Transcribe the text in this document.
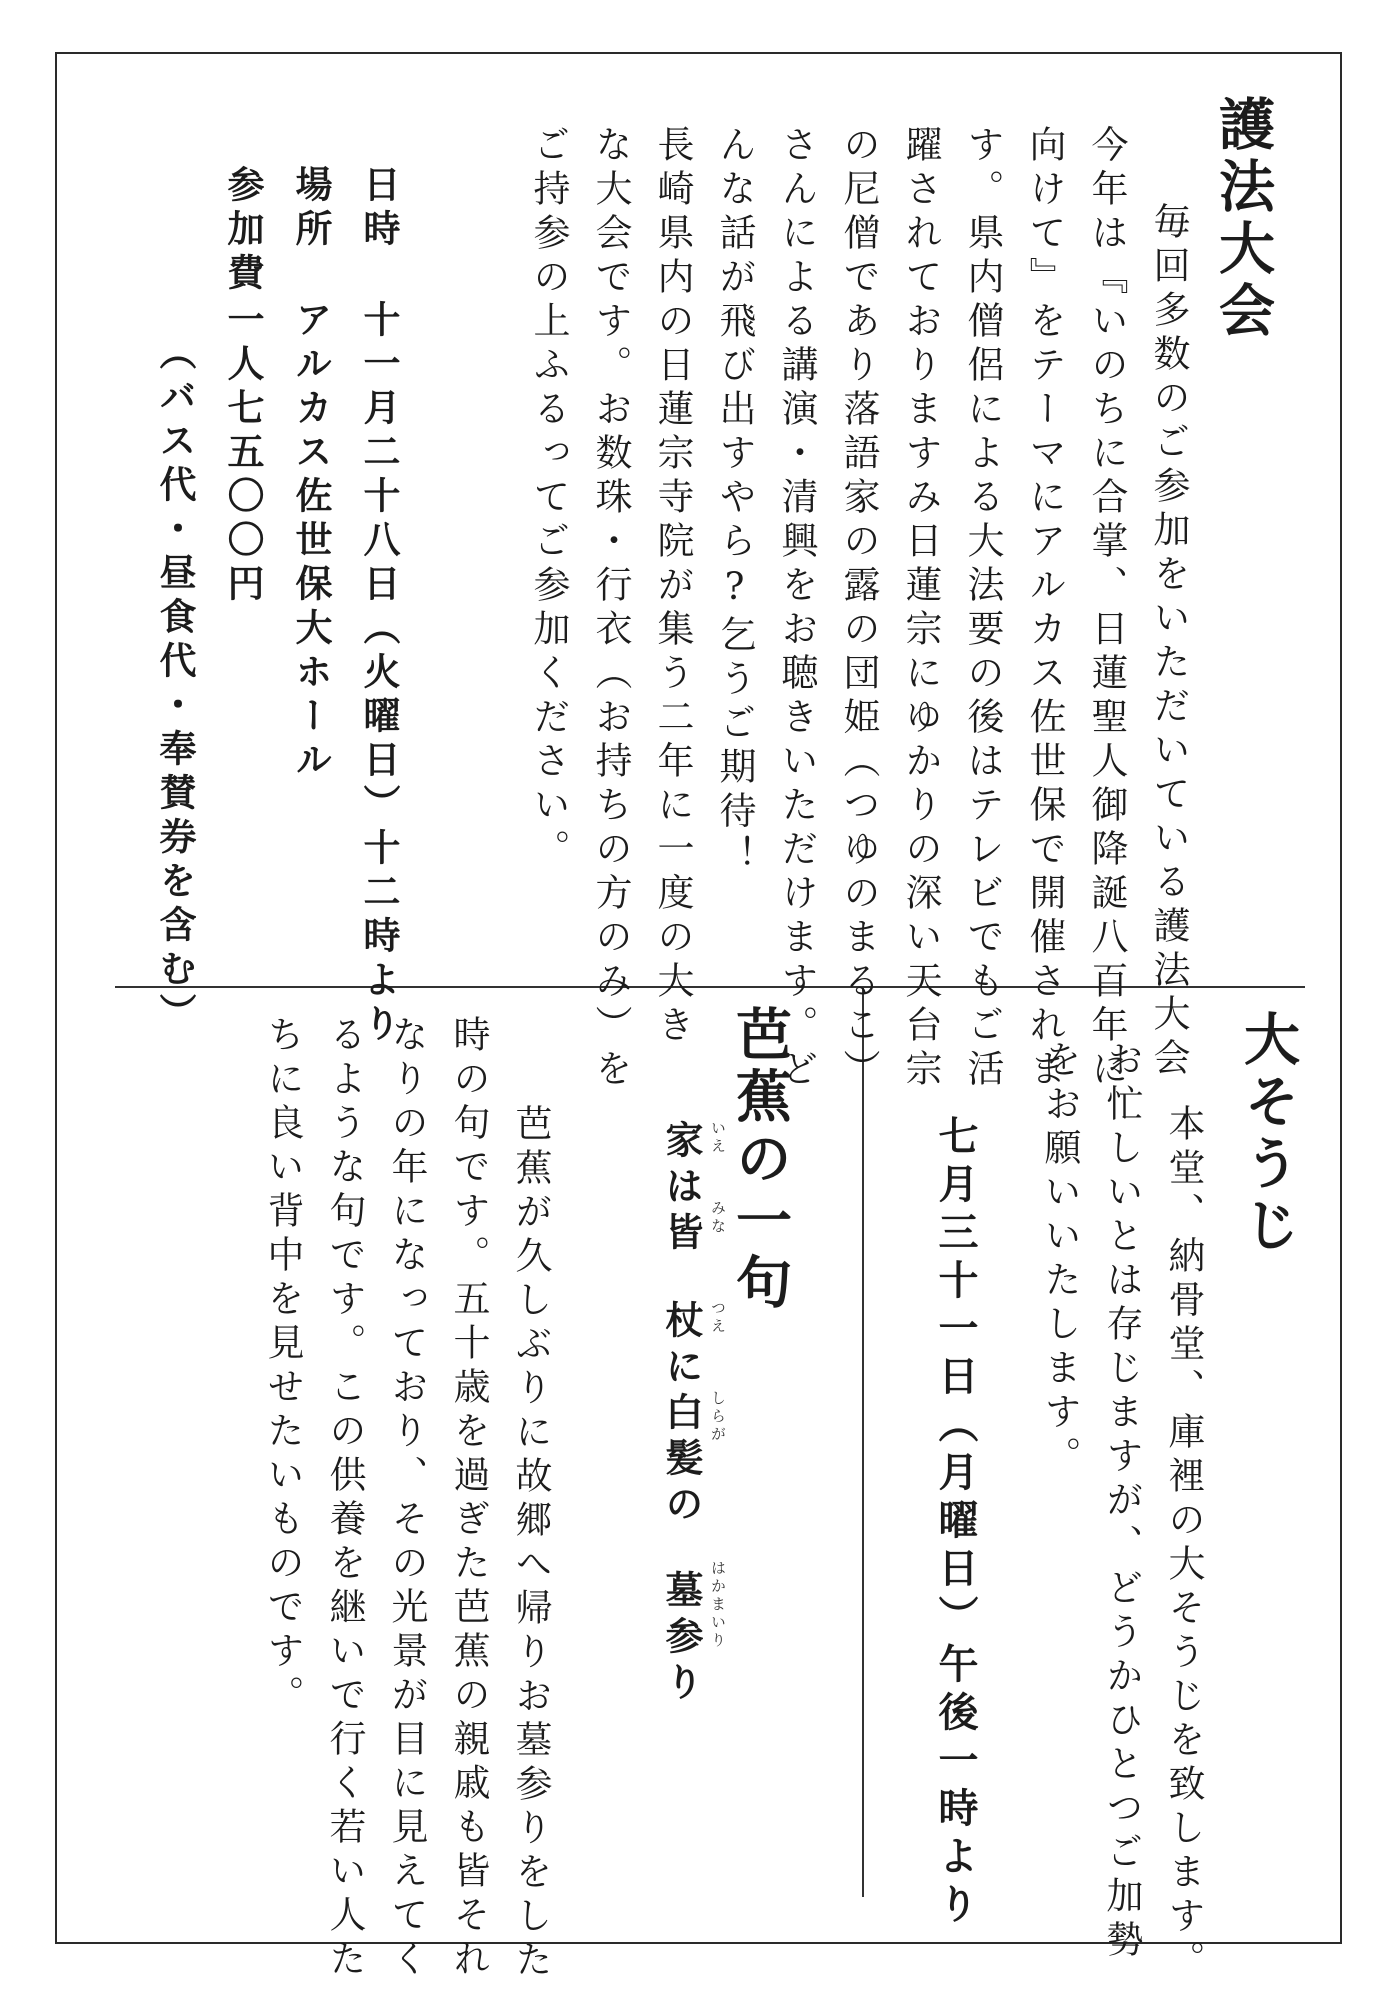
護法大会
　毎回多数のご参加をいただいている護法大会
今年は『いのちに合掌、日蓮聖人御降誕八百年に
向けて』をテーマにアルカス佐世保で開催されま
す。県内僧侶による大法要の後はテレビでもご活
躍されておりますみ日蓮宗にゆかりの深い天台宗
の尼僧であり落語家の露の団姫（つゆのまるこ）
さんによる講演・清興をお聴きいただけます。ど
んな話が飛び出すやら?乞うご期待！
長崎県内の日蓮宗寺院が集う二年に一度の大き
な大会です。お数珠・行衣（お持ちの方のみ）を
ご持参の上ふるってご参加ください。
日時
十一月二十八日（火曜日）十二時より
場所
アルカス佐世保大ホール
参加費
一人七五〇〇円
（バス代・昼食代・奉賛券を含む）
大そうじ
　本堂、納骨堂、庫裡の大そうじを致します。
お忙しいとは存じますが、どうかひとつご加勢
をお願いいたします。
七月三十一日（月曜日）午後一時より
芭蕉の一句
家は皆 いえ
みな
杖に白髪の つえ
しらが
墓参り はかまいり
　芭蕉が久しぶりに故郷へ帰りお墓参りをした
時の句です。五十歳を過ぎた芭蕉の親戚も皆それ
なりの年になっており、その光景が目に見えてく
るような句です。この供養を継いで行く若い人た
ちに良い背中を見せたいものです。
